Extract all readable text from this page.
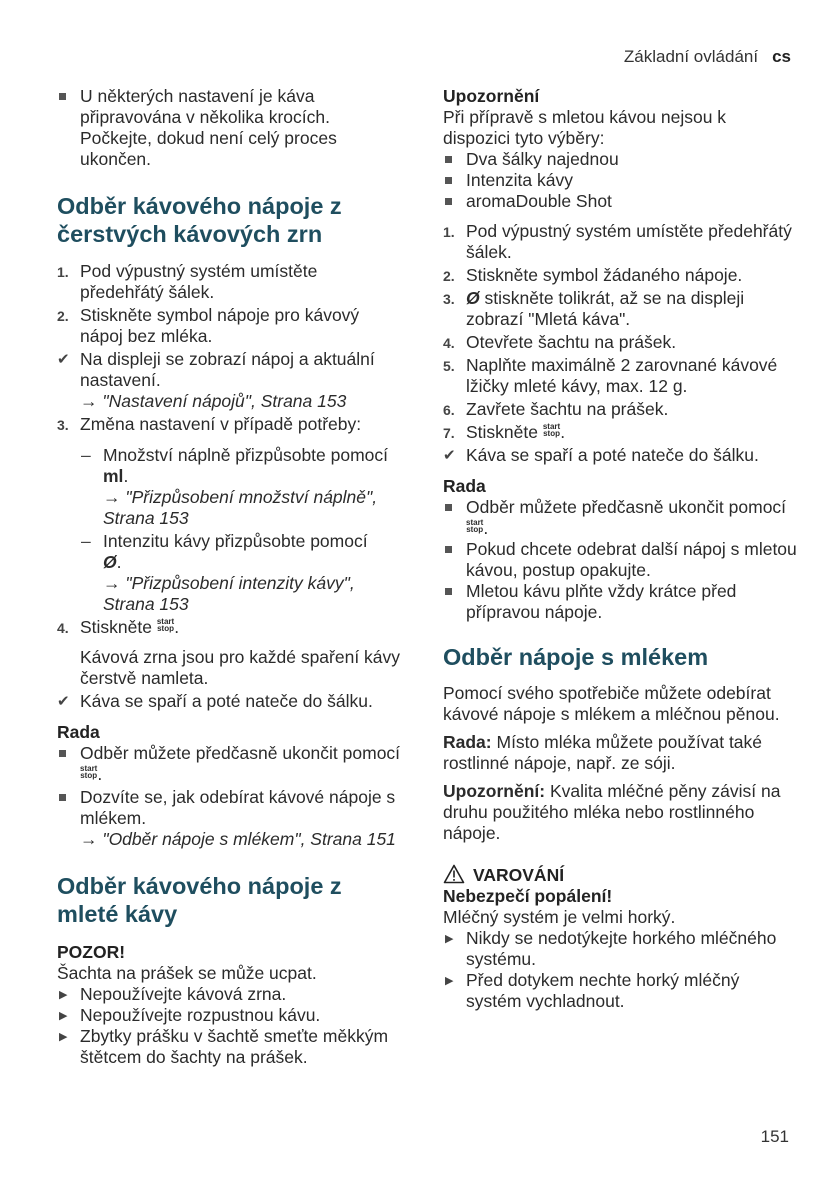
Základní ovládání cs

U některých nastavení je káva připravována v několika krocích. Počkejte, dokud není celý proces ukončen.

Odběr kávového nápoje z čerstvých kávových zrn

1. Pod výpustný systém umístěte předehřátý šálek.

2. Stiskněte symbol nápoje pro kávový nápoj bez mléka.

✔ Na displeji se zobrazí nápoj a aktuální nastavení.
→ "Nastavení nápojů", Strana 153

3. Změna nastavení v případě potřeby:

– Množství náplně přizpůsobte pomocí ml.
→ "Přizpůsobení množství náplně", Strana 153

– Intenzitu kávy přizpůsobte pomocí
Ø.
→ "Přizpůsobení intenzity kávy", Strana 153

4. Stiskněte start
stop.

Kávová zrna jsou pro každé spaření kávy čerstvě namleta.

✔ Káva se spaří a poté nateče do šálku.

Rada

Odběr můžete předčasně ukončit pomocí start
stop.

Dozvíte se, jak odebírat kávové nápoje s mlékem.
→ "Odběr nápoje s mlékem", Strana 151

Odběr kávového nápoje z mleté kávy

POZOR!

Šachta na prášek se může ucpat.

▶ Nepoužívejte kávová zrna.

▶ Nepoužívejte rozpustnou kávu.

▶ Zbytky prášku v šachtě smeťte měkkým štětcem do šachty na prášek.

Upozornění

Při přípravě s mletou kávou nejsou k dispozici tyto výběry:

Dva šálky najednou

Intenzita kávy

aromaDouble Shot

1. Pod výpustný systém umístěte předehřátý šálek.

2. Stiskněte symbol žádaného nápoje.

3. Ø stiskněte tolikrát, až se na displeji zobrazí "Mletá káva".

4. Otevřete šachtu na prášek.

5. Naplňte maximálně 2 zarovnané kávové lžičky mleté kávy, max. 12 g.

6. Zavřete šachtu na prášek.

7. Stiskněte start
stop.

✔ Káva se spaří a poté nateče do šálku.

Rada

Odběr můžete předčasně ukončit pomocí start
stop.

Pokud chcete odebrat další nápoj s mletou kávou, postup opakujte.

Mletou kávu plňte vždy krátce před přípravou nápoje.

Odběr nápoje s mlékem

Pomocí svého spotřebiče můžete odebírat kávové nápoje s mlékem a mléčnou pěnou.

Rada: Místo mléka můžete používat také rostlinné nápoje, např. ze sóji.

Upozornění: Kvalita mléčné pěny závisí na druhu použitého mléka nebo rostlinného nápoje.

VAROVÁNÍ

Nebezpečí popálení!

Mléčný systém je velmi horký.

▶ Nikdy se nedotýkejte horkého mléčného systému.

▶ Před dotykem nechte horký mléčný systém vychladnout.

151
